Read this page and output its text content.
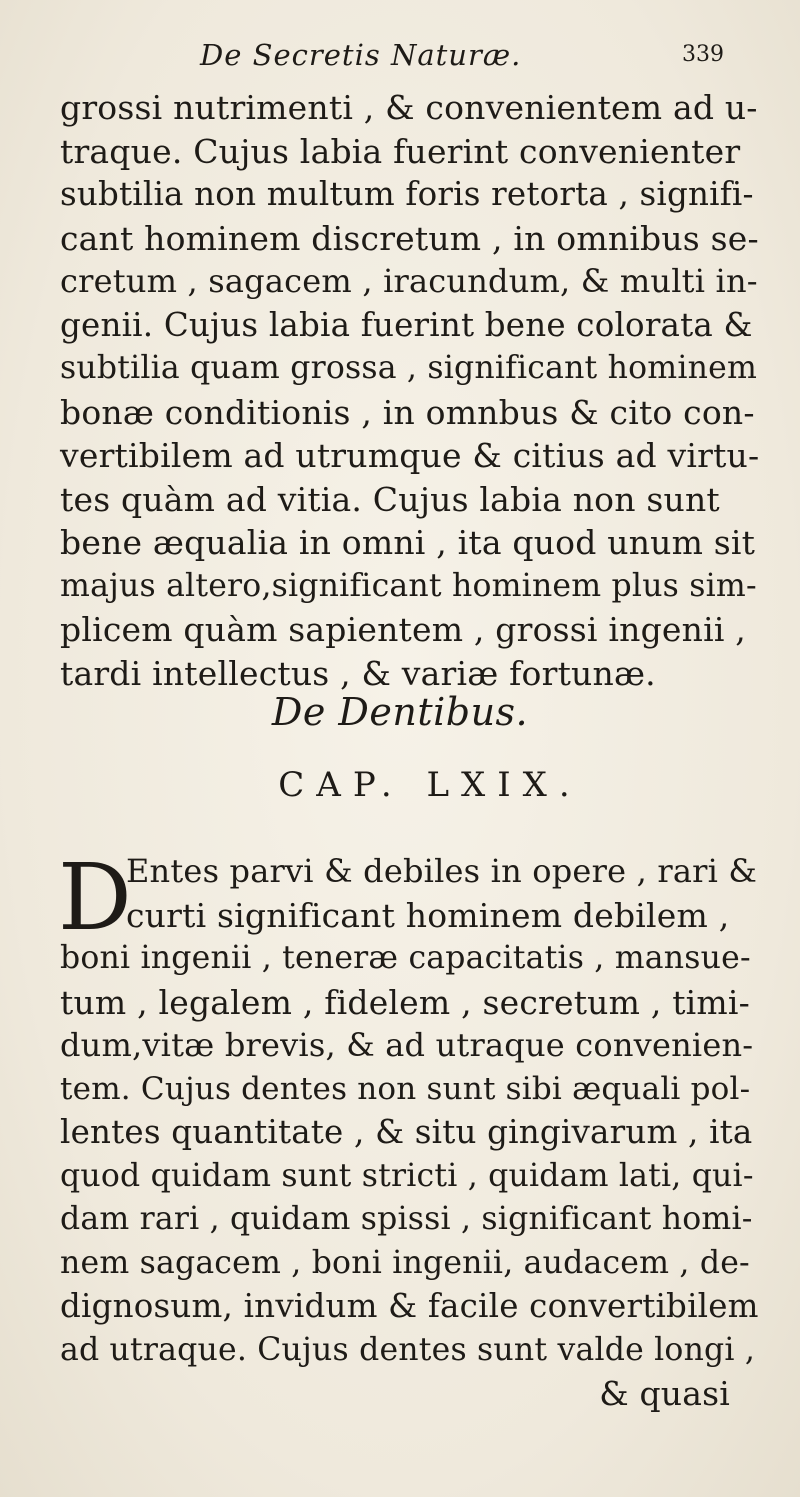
De Secretis Naturæ.	339
grossi nutrimenti , & convenientem ad u-
traque. Cujus labia fuerint convenienter
subtilia non multum foris retorta , signifi-
cant hominem discretum , in omnibus se-
cretum , sagacem , iracundum, & multi in-
genii. Cujus labia fuerint bene colorata &
subtilia quam grossa , significant hominem
bonæ conditionis , in omnbus & cito con-
vertibilem ad utrumque & citius ad virtu-
tes quàm ad vitia. Cujus labia non sunt
bene æqualia in omni , ita quod unum sit
majus altero,significant hominem plus sim-
plicem quàm sapientem , grossi ingenii ,
tardi intellectus , & variæ fortunæ.
De Dentibus.
CAP. LXIX.
D
Entes parvi & debiles in opere , rari &
curti significant hominem debilem ,
boni ingenii , teneræ capacitatis , mansue-
tum , legalem , fidelem , secretum , timi-
dum,vitæ brevis, & ad utraque convenien-
tem. Cujus dentes non sunt sibi æquali pol-
lentes quantitate , & situ gingivarum , ita
quod quidam sunt stricti , quidam lati, qui-
dam rari , quidam spissi , significant homi-
nem sagacem , boni ingenii, audacem , de-
dignosum, invidum & facile convertibilem
ad utraque. Cujus dentes sunt valde longi ,
& quasi
